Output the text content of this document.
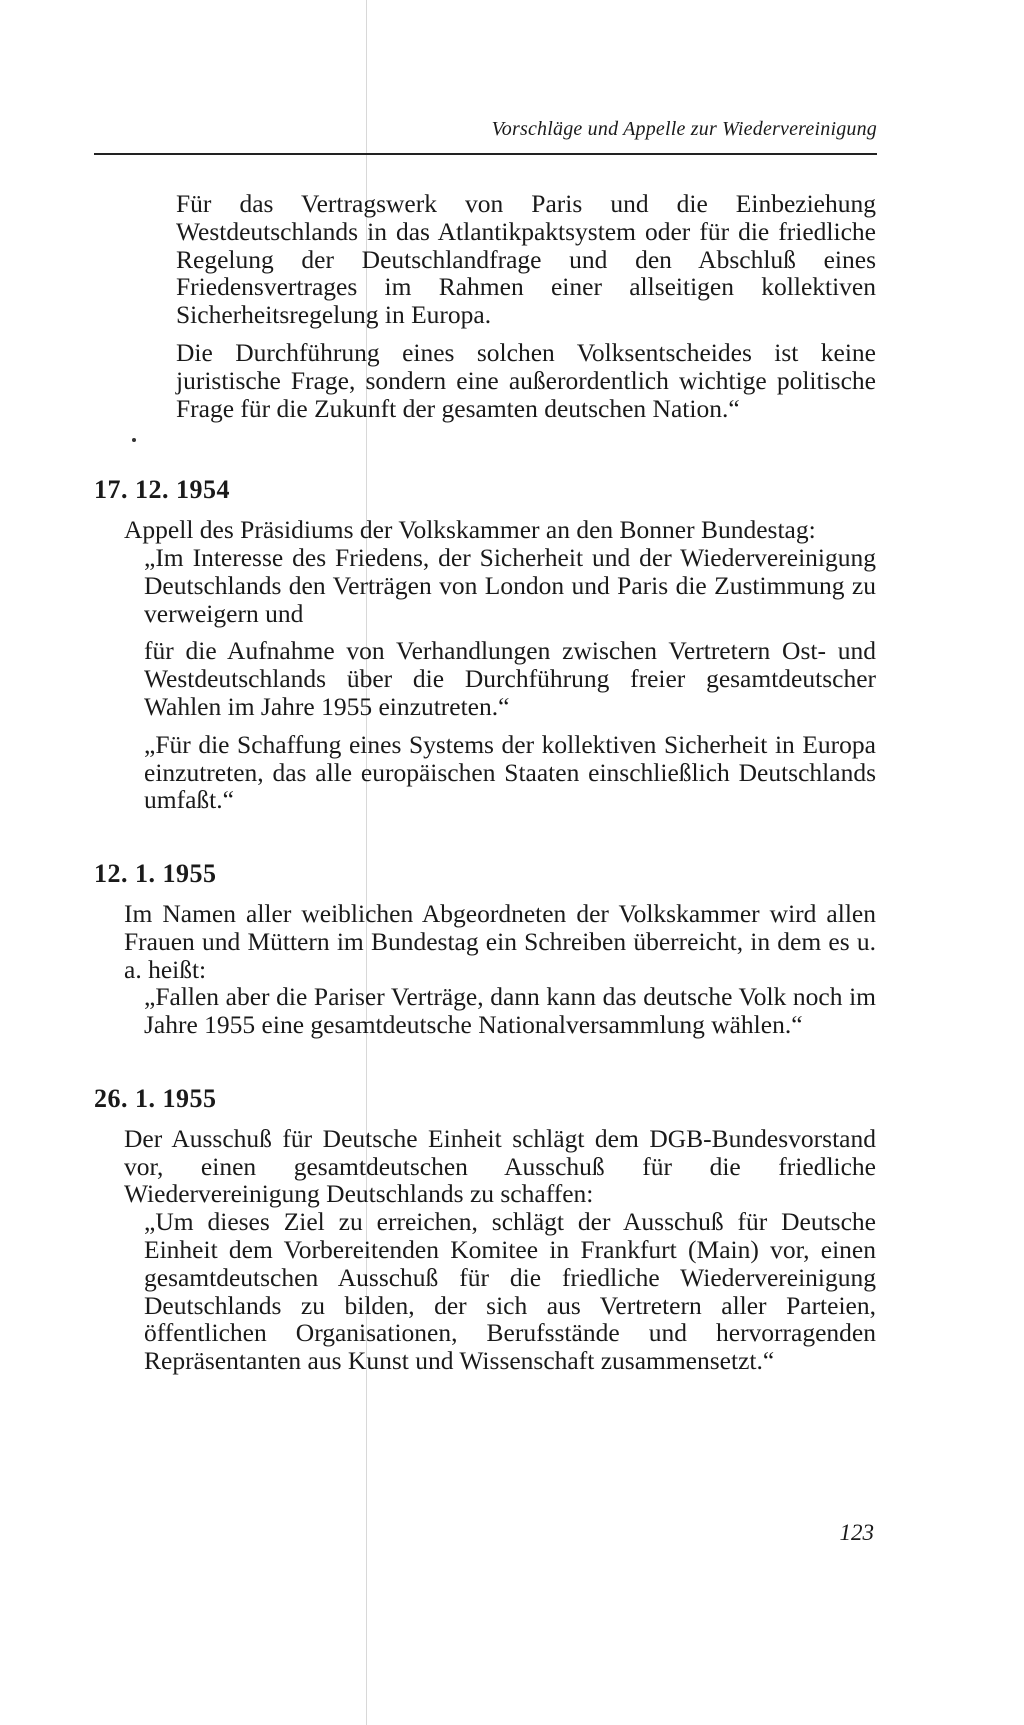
Vorschläge und Appelle zur Wiedervereinigung

Für das Vertragswerk von Paris und die Einbeziehung Westdeutschlands in das Atlantikpaktsystem oder für die friedliche Regelung der Deutschlandfrage und den Abschluß eines Friedensvertrages im Rahmen einer allseitigen kollektiven Sicherheitsregelung in Europa.

Die Durchführung eines solchen Volksentscheides ist keine juristische Frage, sondern eine außerordentlich wichtige politische Frage für die Zukunft der gesamten deutschen Nation.“

17. 12. 1954

Appell des Präsidiums der Volkskammer an den Bonner Bundestag:

„Im Interesse des Friedens, der Sicherheit und der Wiedervereinigung Deutschlands den Verträgen von London und Paris die Zustimmung zu verweigern und

für die Aufnahme von Verhandlungen zwischen Vertretern Ost- und Westdeutschlands über die Durchführung freier gesamtdeutscher Wahlen im Jahre 1955 einzutreten.“

„Für die Schaffung eines Systems der kollektiven Sicherheit in Europa einzutreten, das alle europäischen Staaten einschließlich Deutschlands umfaßt.“

12. 1. 1955

Im Namen aller weiblichen Abgeordneten der Volkskammer wird allen Frauen und Müttern im Bundestag ein Schreiben überreicht, in dem es u. a. heißt:

„Fallen aber die Pariser Verträge, dann kann das deutsche Volk noch im Jahre 1955 eine gesamtdeutsche Nationalversammlung wählen.“

26. 1. 1955

Der Ausschuß für Deutsche Einheit schlägt dem DGB-Bundesvorstand vor, einen gesamtdeutschen Ausschuß für die friedliche Wiedervereinigung Deutschlands zu schaffen:

„Um dieses Ziel zu erreichen, schlägt der Ausschuß für Deutsche Einheit dem Vorbereitenden Komitee in Frankfurt (Main) vor, einen gesamtdeutschen Ausschuß für die friedliche Wiedervereinigung Deutschlands zu bilden, der sich aus Vertretern aller Parteien, öffentlichen Organisationen, Berufsstände und hervorragenden Repräsentanten aus Kunst und Wissenschaft zusammensetzt.“

123
